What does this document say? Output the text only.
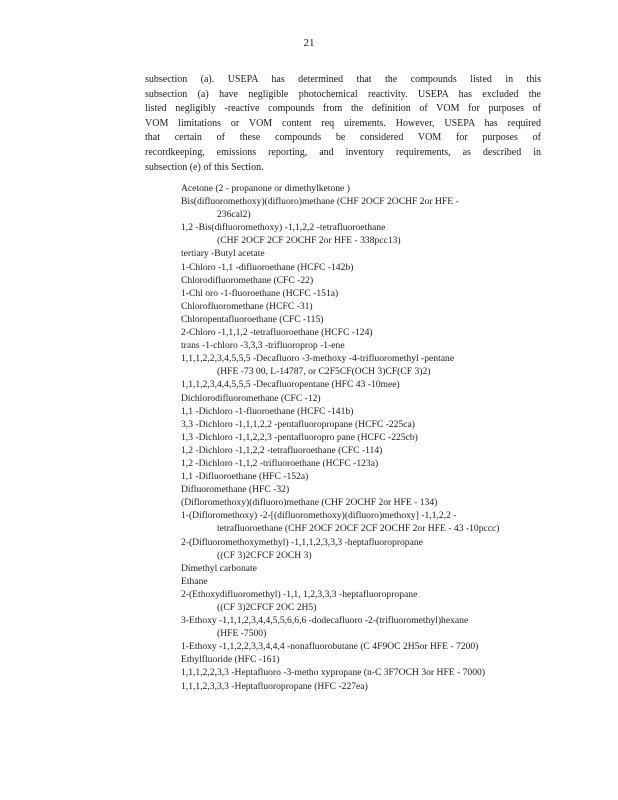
21
subsection (a). USEPA has determined that the compounds listed in this
subsection (a) have negligible photochemical reactivity. USEPA has excluded the
listed negligibly -reactive compounds from the definition of VOM for purposes of
VOM limitations or VOM content req uirements. However, USEPA has required
that certain of these compounds be considered VOM for purposes of
recordkeeping, emissions reporting, and inventory requirements, as described in
subsection (e) of this Section.
Acetone (2 - propanone or dimethylketone )
Bis(difluoromethoxy)(difluoro)methane (CHF 2OCF 2OCHF 2or HFE -
236cal2)
1,2 -Bis(difluoromethoxy) -1,1,2,2 -tetrafluoroethane
(CHF 2OCF 2CF 2OCHF 2or HFE - 338pcc13)
tertiary -Butyl acetate
1-Chloro -1,1 -difluoroethane (HCFC -142b)
Chlorodifluoromethane (CFC -22)
1-Chl oro -1-fluoroethane (HCFC -151a)
Chlorofluoromethane (HCFC -31)
Chloropentafluoroethane (CFC -115)
2-Chloro -1,1,1,2 -tetrafluoroethane (HCFC -124)
trans -1-chloro -3,3,3 -trifluoroprop -1-ene
1,1,1,2,2,3,4,5,5,5 -Decafluoro -3-methoxy -4-trifluoromethyl -pentane
(HFE -73 00, L-14787, or C2F5CF(OCH 3)CF(CF 3)2)
1,1,1,2,3,4,4,5,5,5 -Decafluoropentane (HFC 43 -10mee)
Dichlorodifluoromethane (CFC -12)
1,1 -Dichloro -1-fluoroethane (HCFC -141b)
3,3 -Dichloro -1,1,1,2,2 -pentafluoropropane (HCFC -225ca)
1,3 -Dichloro -1,1,2,2,3 -pentafluoropro pane (HCFC -225cb)
1,2 -Dichloro -1,1,2,2 -tetrafluoroethane (CFC -114)
1,2 -Dichloro -1,1,2 -trifluoroethane (HCFC -123a)
1,1 -Difluoroethane (HFC -152a)
Difluoromethane (HFC -32)
(Difloromethoxy)(difluoro)methane (CHF 2OCHF 2or HFE - 134)
1-(Difloromethoxy) -2-[(difluoromethoxy)(difluoro)methoxy] -1,1,2,2 -
tetrafluoroethane (CHF 2OCF 2OCF 2CF 2OCHF 2or HFE - 43 -10pccc)
2-(Difluoromethoxymethyl) -1,1,1,2,3,3,3 -heptafluoropropane
((CF 3)2CFCF 2OCH 3)
Dimethyl carbonate
Ethane
2-(Ethoxydifluoromethyl) -1,1, 1,2,3,3,3 -heptafluoropropane
((CF 3)2CFCF 2OC 2H5)
3-Ethoxy -1,1,1,2,3,4,4,5,5,6,6,6 -dodecafluoro -2-(trifluoromethyl)hexane
(HFE -7500)
1-Ethoxy -1,1,2,2,3,3,4,4,4 -nonafluorobutane (C 4F9OC 2H5or HFE - 7200)
Ethylfluoride (HFC -161)
1,1,1,2,2,3,3 -Heptafluoro -3-metho xypropane (n-C 3F7OCH 3or HFE - 7000)
1,1,1,2,3,3,3 -Heptafluoropropane (HFC -227ea)
